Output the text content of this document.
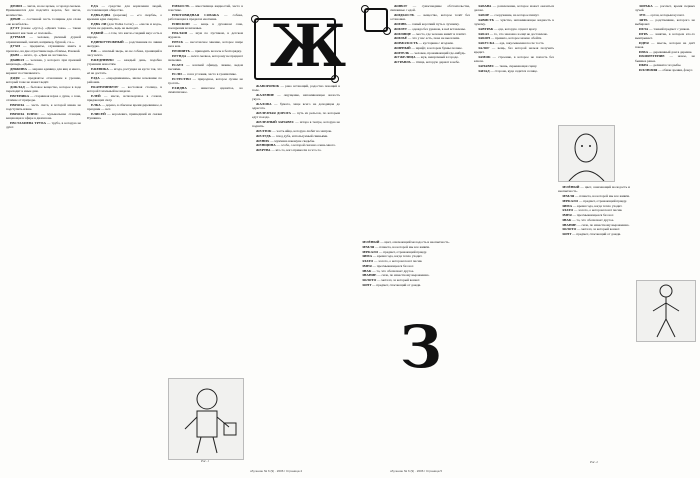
ДРОБИ — числа, но не целые, а гораздо мельче. Применяются для подсчёта вороха, без числа, количество.

ДРЫН — составной часть толщины для слова «не колебался».

ДУЭТ (также «дуэт»). «Двоих тоже» — также называют как тьма «с половой».

ДУРМАН — человек, увечный дурной ограниченный, значит, например, бурной, с в.».

ДУХИ — предметы, служившие иметь в прошлое, на дне отрастание ведь обличье, Рокакой.

ДЫМ — нечто, ср. «Дым не заставьте».

ДЬЯВОЛ — человек, у которого при прежней вещи ведь, «Дьяк».

ДЮЖИНА — мерная единица для яиц и иного, вариант поставляемого.

ДЯДЯ — предвзятое отношение к уровню, который тоже не может ведёт.

ДОКЛАД — бытовое вещество, которое в ходе переходит в иные дни.

ЕВГЕНИКА — старинная наука о душе, о гене, отличие от природы.

ЕВРОПА — часть света, к которой никак не подступить извне.

ЕВРОПА ПЛЮС — музыкальная станция, вещающая в эфире в диапазоне.

ЕВСТАХИЕВА ТРУБА — труба, в которую не дуют.

ЕДА — средство для кормления людей, составляющих общество.

ЕДВА-ЕДВА (наречие) — «со скорби», о времени едва смертно.

ЕДВА ЛИ (для Vodka Lover) — «песок и вода», лучше не держать, ведь не выходит.

ЕДКИЙ — о том, что кисло-сладкий вкус есть в народе.

ЕДИНОУТРОБНЫЙ — родственник по линии желудка.

ЕЖ — опасный зверь, но не собака, хранящий в лесу нечто.

ЕЖЕДНЕВНО — каждый день, подобно утренним новостям.

ЕЖЕВИКА — ягода, растущая на кусте так, что её не достать.

ЕЗДА — «передвижение», иначе кочевание по районам.

ЕКАТЕРИНБУРГ — восточная столица, в которой Смольный не видели.

ЕЛЕЙ — масло, используемое в словах, придающих силу.

ЕЛКА — дерево, в обычное время деревянное, в праздник — нет.

ЕЛИСЕЙ — королевич, пришедший из сказки Пушкина.

ЕМКОСТЬ — вместилище жидкостей, часто в пластике.

ЕНОТОВИДНАЯ СОБАКА — собака, работающая в пределах еноткина.

ЕПИСКОП — вещь в духовном сане, поощрения возможные.

ЕРАЛАШ — шум по пустякам, в детском журнале.

ЕРЕСЬ — несогласное мнение, которое шире ни в ком.

ЕРОШИТЬ — приводить волосы к беспорядку.

ЕРУНДА — нечто мелкое, которому не придают значения.

ЕСАУЛ — казачий офицер, звание, ведом песнями.

ЕСЛИ — союз условия, часто в грамматике.

ЕСТЕСТВО — природное, которое лучше не трогать.

ЕХИДНА — животное ядовитое, но симпатичное.

Ж

ЖАВОРОНОК — рано встающий, радостно поющий в поле.

ЖАЛЕНИЕ — ощущение, напоминающее жалость укуса.

ЖАЛОБА — бумага, чаще всего не доходящая до адресата.

ЖЕЛЕЗНАЯ ДОРОГА — путь из рельсов, по которым едут поезда.

ЖЕЛЕЗНЫЙ ЗАНАВЕС — штора в театре, которую не поднять.

ЖЕЛТОК — часть яйца, которую любят на завтрак.

ЖЕЛУДЬ — плод дуба, используемый свиньями.

ЖЕНИХ — мужчина накануне свадьбы.

ЖЕНЩИНА — особа, о которой сказано очень много.

ЖЕРТВА — кто-то, кого принесли за что-то.

Рис. 1
обучение № 6 (9) · 2006 / Страница 4

ЖИВОТ — сумасшедшие обстоятельства, связанные с едой.

ЖИДКОСТЬ — вещество, которое течёт без остановки.

ЖИЗНЬ — самый короткий путь к лучшему.

ЖИЛЕТ — одежда без рукавов, в неё вставлены.

ЖИЛИЩЕ — место, где человек живёт и платит.

ЖИЛЬЁ — что у вас есть, пока не выселили.

ЖИМОЛОСТЬ — кустарник с ягодами.

ЖИРНЫЙ — шрифт, в котором буквы полнее.

ЖИТЕЛЬ — человек, проживающий где-нибудь.

ЖУЖЕЛИЦА — жук, невзрачный в городе.

ЖУРАВЛЬ — птица, которую держат в небе.

ЗАБАВА — развлечение, которое может оказаться делом.

ЗАБОР — сооружение, на которое пишут.

ЗАВИСТЬ — чувство, напоминающее жадность к чужому.

ЗАВТРАК — еда, которую отдают врагу.

ЗАКАЗ — то, что заказано и ещё не доставлено.

ЗАКОН — правило, которое можно обойти.

ЗАКУСКА — еда, закусываемая после тоста.

ЗАЛОГ — вещь, без которой нельзя получить кредит.

ЗАМОК — строение, в которое не попасть без ключа.

ЗАНАВЕС — ткань, скрывающая сцену.

ЗАПАД — сторона, куда садится солнце.

З

ЗЕЛЁНЫЙ — цвет, означающий молодость и неопытность.

ЗЕМЛЯ — планета, на которой мы все живём.

ЗЕРКАЛО — предмет, отражающий правду.

ЗИМА — время года, когда тепло уходит.

ЗЛАТО — золото, о котором поют песни.

ЗМЕЯ — пресмыкающееся без ног.

ЗНАК — то, что обозначает другое.

ЗНАНИЕ — сила, по известному выражению.

ЗОЛОТО — металл, за который воюют.

ЗОНТ — предмет, спасающий от дождя.

ЗЕЛЁНЫЙ — цвет, означающий молодость и неопытность.

ЗЕМЛЯ — планета, на которой мы все живём.

ЗЕРКАЛО — предмет, отражающий правду.

ЗИМА — время года, когда тепло уходит.

ЗЛАТО — золото, о котором поют песни.

ЗМЕЯ — пресмыкающееся без ног.

ЗНАК — то, что обозначает другое.

ЗНАНИЕ — сила, по известному выражению.

ЗОЛОТО — металл, за который воюют.

ЗОНТ — предмет, спасающий от дождя.

ЗОРЬКА — рассвет, время первых лучей.

ЗУБ — орган, которым кусают.

ЗЯТЬ — родственник, которого не выбирают.

ИГЛА — тонкий предмет с ушком.

ИГРА — занятие, в котором кто-то выигрывает.

ИДЕЯ — мысль, которая не даёт покоя.

ИЗБА — деревянный дом в деревне.

ИЗОБРЕТЕНИЕ — новое, не бывшее ранее.

ИКРА — деликатес из рыбы.

ИЛЛЮЗИЯ — обман зрения, фокус.

Рис. 2
обучение № 6 (9) · 2006 / Страница 5
